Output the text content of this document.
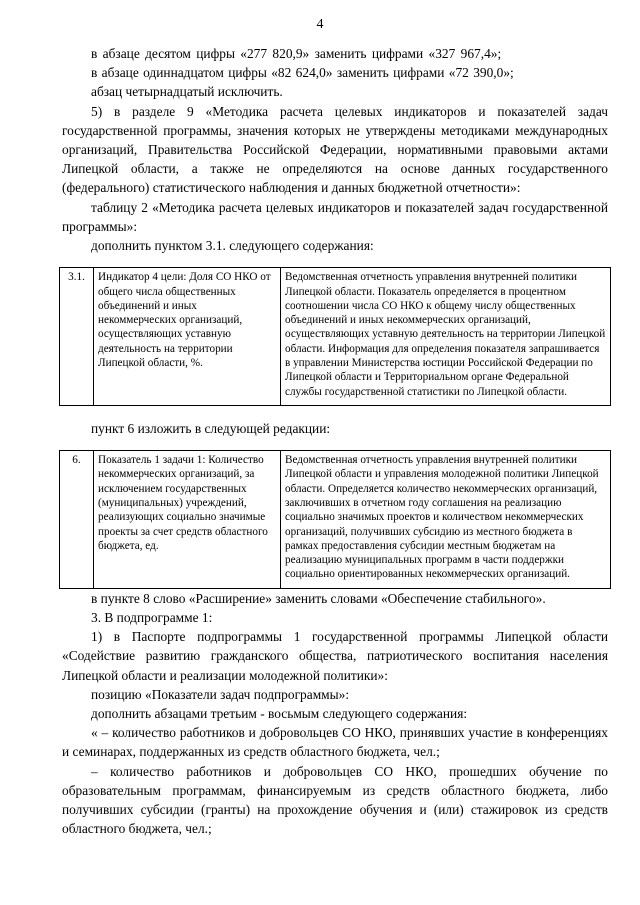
4

в абзаце десятом цифры «277 820,9» заменить цифрами «327 967,4»;

в абзаце одиннадцатом цифры «82 624,0» заменить цифрами «72 390,0»;

абзац четырнадцатый исключить.

5) в разделе 9 «Методика расчета целевых индикаторов и показателей задач государственной программы, значения которых не утверждены методиками международных организаций, Правительства Российской Федерации, нормативными правовыми актами Липецкой области, а также не определяются на основе данных государственного (федерального) статистического наблюдения и данных бюджетной отчетности»:

таблицу 2 «Методика расчета целевых индикаторов и показателей задач государственной программы»:

дополнить пунктом 3.1. следующего содержания:

3.1.	Индикатор 4 цели: Доля СО НКО от общего числа общественных объединений и иных некоммерческих организаций, осуществляющих уставную деятельность на территории Липецкой области, %.	Ведомственная отчетность управления внутренней политики Липецкой области. Показатель определяется в процентном соотношении числа СО НКО к общему числу общественных объединений и иных некоммерческих организаций, осуществляющих уставную деятельность на территории Липецкой области. Информация для определения показателя запрашивается в управлении Министерства юстиции Российской Федерации по Липецкой области и Территориальном органе Федеральной службы государственной статистики по Липецкой области.

пункт 6 изложить в следующей редакции:

6.	Показатель 1 задачи 1: Количество некоммерческих организаций, за исключением государственных (муниципальных) учреждений, реализующих социально значимые проекты за счет средств областного бюджета, ед.	Ведомственная отчетность управления внутренней политики Липецкой области и управления молодежной политики Липецкой области. Определяется количество некоммерческих организаций, заключивших в отчетном году соглашения на реализацию социально значимых проектов и количеством некоммерческих организаций, получивших субсидию из местного бюджета в рамках предоставления субсидии местным бюджетам на реализацию муниципальных программ в части поддержки социально ориентированных некоммерческих организаций.

в пункте 8 слово «Расширение» заменить словами «Обеспечение стабильного».

3. В подпрограмме 1:

1) в Паспорте подпрограммы 1 государственной программы Липецкой области «Содействие развитию гражданского общества, патриотического воспитания населения Липецкой области и реализации молодежной политики»:

позицию «Показатели задач подпрограммы»:

дополнить абзацами третьим - восьмым следующего содержания:

« – количество работников и добровольцев СО НКО, принявших участие в конференциях и семинарах, поддержанных из средств областного бюджета, чел.;

– количество работников и добровольцев СО НКО, прошедших обучение по образовательным программам, финансируемым из средств областного бюджета, либо получивших субсидии (гранты) на прохождение обучения и (или) стажировок из средств областного бюджета, чел.;
